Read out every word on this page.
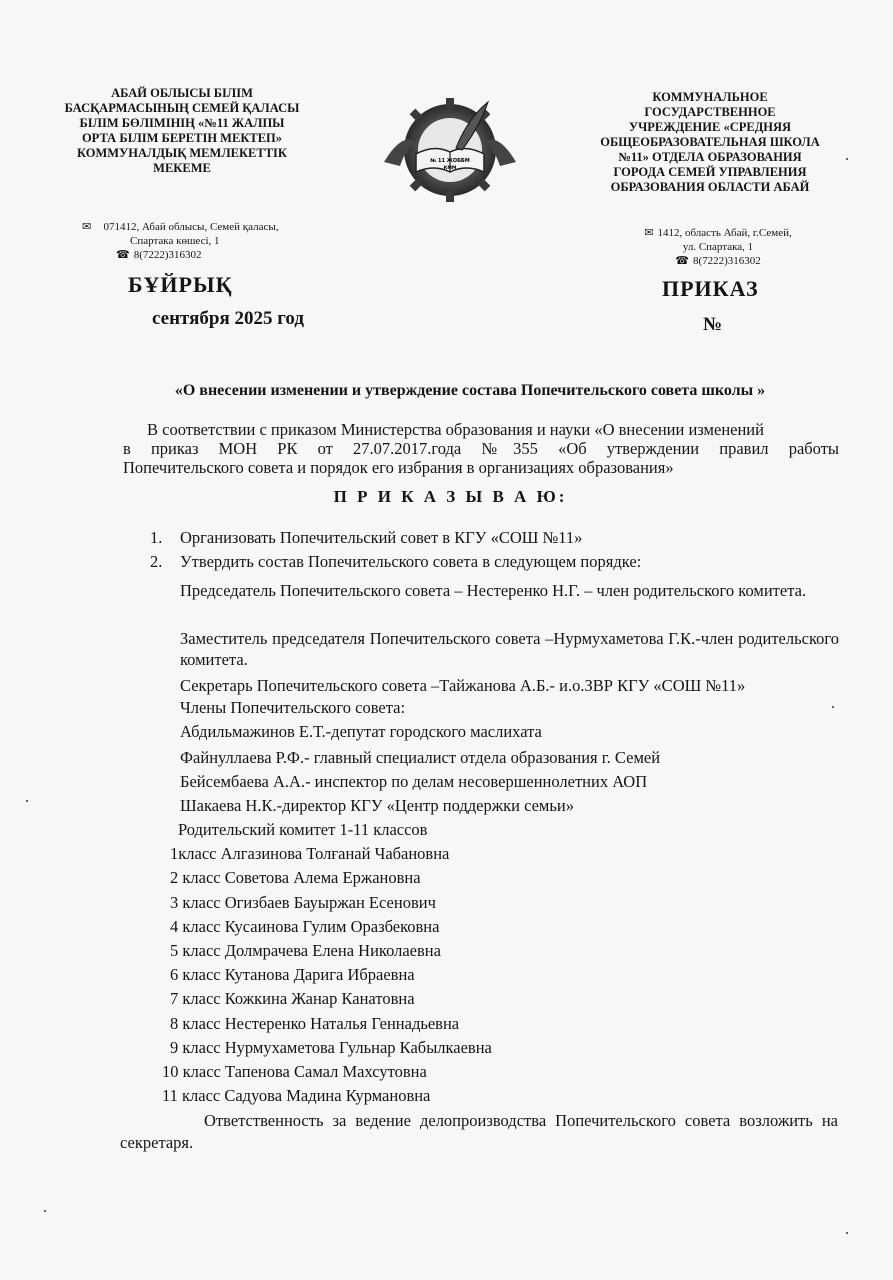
АБАЙ ОБЛЫСЫ БІЛІМ
БАСҚАРМАСЫНЫҢ СЕМЕЙ ҚАЛАСЫ
БІЛІМ БӨЛІМІНІҢ «№11 ЖАЛПЫ
ОРТА БІЛІМ БЕРЕТІН МЕКТЕП»
КОММУНАЛДЫҚ МЕМЛЕКЕТТІК
МЕКЕМЕ	№ 11 ЖОББМ
КММ
КОММУНАЛЬНОЕ
ГОСУДАРСТВЕННОЕ
УЧРЕЖДЕНИЕ «СРЕДНЯЯ
ОБЩЕОБРАЗОВАТЕЛЬНАЯ ШКОЛА
№11» ОТДЕЛА ОБРАЗОВАНИЯ
ГОРОДА СЕМЕЙ УПРАВЛЕНИЯ
ОБРАЗОВАНИЯ ОБЛАСТИ АБАЙ
✉ 071412, Абай облысы, Семей қаласы,
Спартака көшесі, 1
☎ 8(7222)316302
✉ 1412, область Абай, г.Семей,
ул. Спартака, 1
☎ 8(7222)316302
БҰЙРЫҚ	ПРИКАЗ
сентября 2025 год	№
«О внесении изменении и утверждение состава Попечительского совета школы »
В соответствии с приказом Министерства образования и науки «О внесении изменений
в приказ МОН РК от 27.07.2017.года №355 «Об утверждении правил работы
Попечительского совета и порядок его избрания в организациях образования»
П Р И К А З Ы В А Ю:
1.	Организовать Попечительский совет в КГУ «СОШ №11»
2.	Утвердить состав Попечительского совета в следующем порядке:
Председатель Попечительского совета – Нестеренко Н.Г. – член родительского комитета.
Заместитель председателя Попечительского совета –Нурмухаметова Г.К.-член родительского комитета.
Секретарь Попечительского совета –Тайжанова А.Б.- и.о.ЗВР КГУ «СОШ №11»
Члены Попечительского совета:
Абдильмажинов Е.Т.-депутат городского маслихата
Файнуллаева Р.Ф.- главный специалист отдела образования г. Семей
Бейсембаева А.А.- инспектор по делам несовершеннолетних АОП
Шакаева Н.К.-директор КГУ «Центр поддержки семьи»
Родительский комитет 1-11 классов
1класс Алгазинова Толғанай Чабановна
2 класс Советова Алема Ержановна
3 класс Огизбаев Бауыржан Есенович
4 класс Кусаинова Гулим Оразбековна
5 класс Долмрачева Елена Николаевна
6 класс Кутанова Дарига Ибраевна
7 класс Кожкина Жанар Канатовна
8 класс Нестеренко Наталья Геннадьевна
9 класс Нурмухаметова Гульнар Кабылкаевна
10 класс Тапенова Самал Махсутовна
11 класс Садуова Мадина Курмановна
Ответственность за ведение делопроизводства Попечительского совета возложить на секретаря.
